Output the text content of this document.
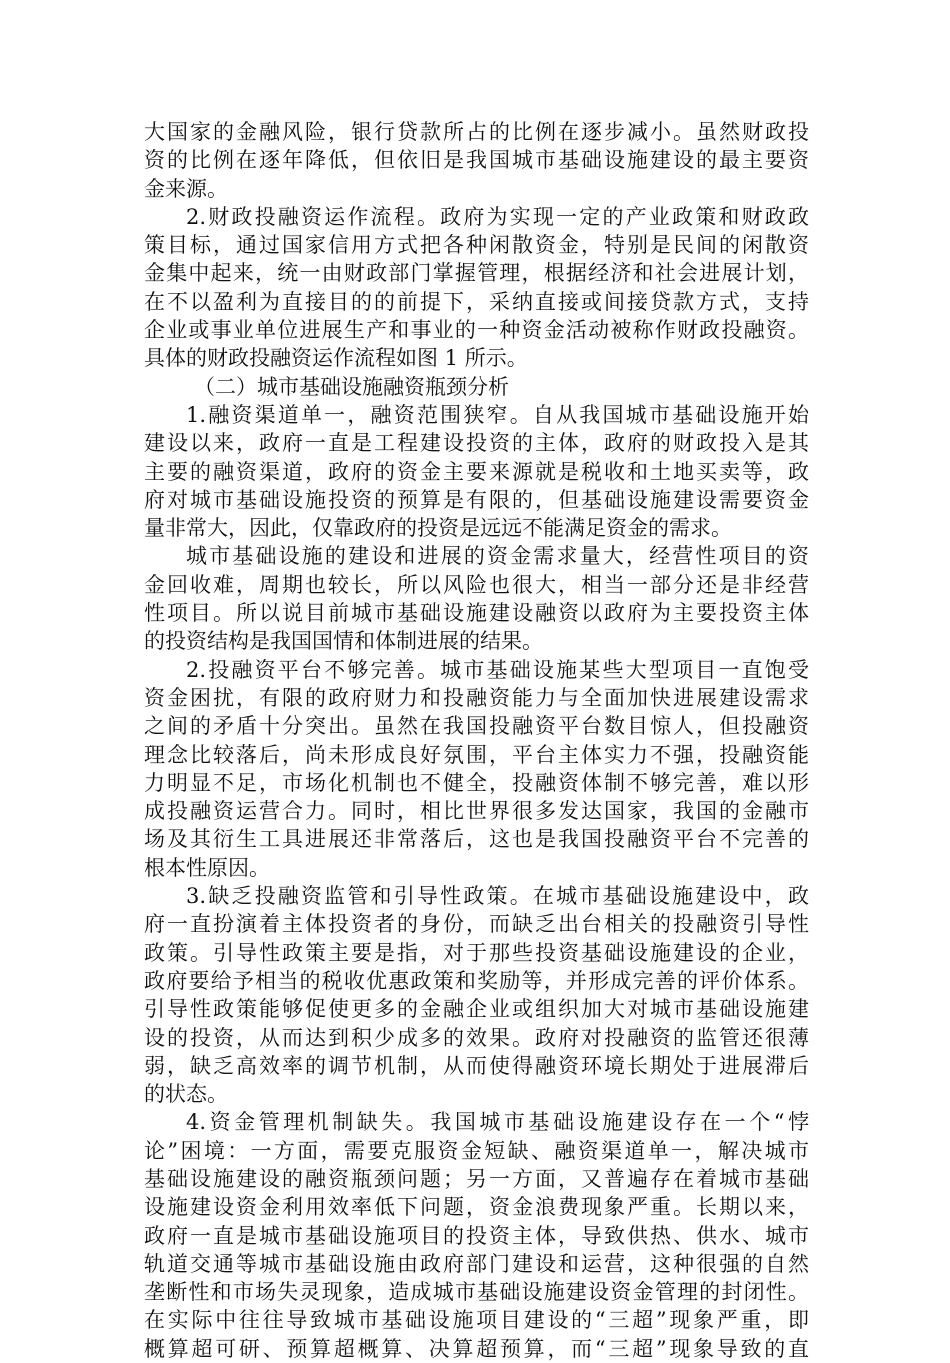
大国家的金融风险，银行贷款所占的比例在逐步减小。虽然财政投
资的比例在逐年降低，但依旧是我国城市基础设施建设的最主要资
金来源。
2.财政投融资运作流程。政府为实现一定的产业政策和财政政
策目标，通过国家信用方式把各种闲散资金，特别是民间的闲散资
金集中起来，统一由财政部门掌握管理，根据经济和社会进展计划，
在不以盈利为直接目的的前提下，采纳直接或间接贷款方式，支持
企业或事业单位进展生产和事业的一种资金活动被称作财政投融资。
具体的财政投融资运作流程如图 1 所示。
（二）城市基础设施融资瓶颈分析
1.融资渠道单一，融资范围狭窄。自从我国城市基础设施开始
建设以来，政府一直是工程建设投资的主体，政府的财政投入是其
主要的融资渠道，政府的资金主要来源就是税收和土地买卖等，政
府对城市基础设施投资的预算是有限的，但基础设施建设需要资金
量非常大，因此，仅靠政府的投资是远远不能满足资金的需求。
城市基础设施的建设和进展的资金需求量大，经营性项目的资
金回收难，周期也较长，所以风险也很大，相当一部分还是非经营
性项目。所以说目前城市基础设施建设融资以政府为主要投资主体
的投资结构是我国国情和体制进展的结果。
2.投融资平台不够完善。城市基础设施某些大型项目一直饱受
资金困扰，有限的政府财力和投融资能力与全面加快进展建设需求
之间的矛盾十分突出。虽然在我国投融资平台数目惊人，但投融资
理念比较落后，尚未形成良好氛围，平台主体实力不强，投融资能
力明显不足，市场化机制也不健全，投融资体制不够完善，难以形
成投融资运营合力。同时，相比世界很多发达国家，我国的金融市
场及其衍生工具进展还非常落后，这也是我国投融资平台不完善的
根本性原因。
3.缺乏投融资监管和引导性政策。在城市基础设施建设中，政
府一直扮演着主体投资者的身份，而缺乏出台相关的投融资引导性
政策。引导性政策主要是指，对于那些投资基础设施建设的企业，
政府要给予相当的税收优惠政策和奖励等，并形成完善的评价体系。
引导性政策能够促使更多的金融企业或组织加大对城市基础设施建
设的投资，从而达到积少成多的效果。政府对投融资的监管还很薄
弱，缺乏高效率的调节机制，从而使得融资环境长期处于进展滞后
的状态。
4.资金管理机制缺失。我国城市基础设施建设存在一个“悖
论”困境：一方面，需要克服资金短缺、融资渠道单一，解决城市
基础设施建设的融资瓶颈问题；另一方面，又普遍存在着城市基础
设施建设资金利用效率低下问题，资金浪费现象严重。长期以来，
政府一直是城市基础设施项目的投资主体，导致供热、供水、城市
轨道交通等城市基础设施由政府部门建设和运营，这种很强的自然
垄断性和市场失灵现象，造成城市基础设施建设资金管理的封闭性。
在实际中往往导致城市基础设施项目建设的“三超”现象严重，即
概算超可研、预算超概算、决算超预算，而“三超”现象导致的直
